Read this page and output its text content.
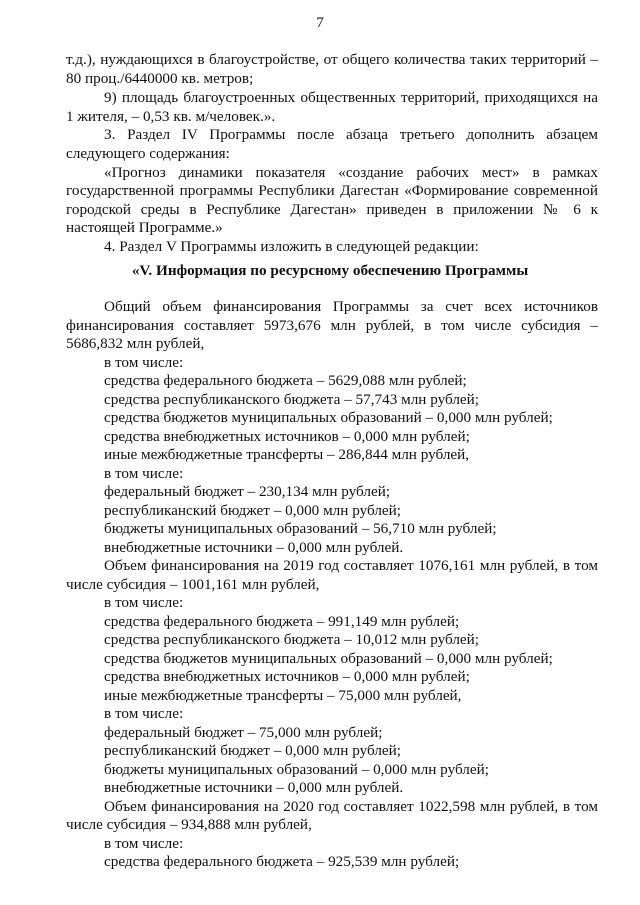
7
т.д.), нуждающихся в благоустройстве, от общего количества таких территорий –
80 проц./6440000 кв. метров;
9) площадь благоустроенных общественных территорий, приходящихся на
1 жителя, – 0,53 кв. м/человек.».
3. Раздел IV Программы после абзаца третьего дополнить абзацем
следующего содержания:
«Прогноз динамики показателя «создание рабочих мест» в рамках
государственной программы Республики Дагестан «Формирование современной
городской среды в Республике Дагестан» приведен в приложении № 6 к
настоящей Программе.»
4. Раздел V Программы изложить в следующей редакции:
«V. Информация по ресурсному обеспечению Программы
Общий объем финансирования Программы за счет всех источников
финансирования составляет 5973,676 млн рублей, в том числе субсидия –
5686,832 млн рублей,
в том числе:
средства федерального бюджета – 5629,088 млн рублей;
средства республиканского бюджета – 57,743 млн рублей;
средства бюджетов муниципальных образований – 0,000 млн рублей;
средства внебюджетных источников – 0,000 млн рублей;
иные межбюджетные трансферты – 286,844 млн рублей,
в том числе:
федеральный бюджет – 230,134 млн рублей;
республиканский бюджет – 0,000 млн рублей;
бюджеты муниципальных образований – 56,710 млн рублей;
внебюджетные источники – 0,000 млн рублей.
Объем финансирования на 2019 год составляет 1076,161 млн рублей, в том
числе субсидия – 1001,161 млн рублей,
в том числе:
средства федерального бюджета – 991,149 млн рублей;
средства республиканского бюджета – 10,012 млн рублей;
средства бюджетов муниципальных образований – 0,000 млн рублей;
средства внебюджетных источников – 0,000 млн рублей;
иные межбюджетные трансферты – 75,000 млн рублей,
в том числе:
федеральный бюджет – 75,000 млн рублей;
республиканский бюджет – 0,000 млн рублей;
бюджеты муниципальных образований – 0,000 млн рублей;
внебюджетные источники – 0,000 млн рублей.
Объем финансирования на 2020 год составляет 1022,598 млн рублей, в том
числе субсидия – 934,888 млн рублей,
в том числе:
средства федерального бюджета – 925,539 млн рублей;
